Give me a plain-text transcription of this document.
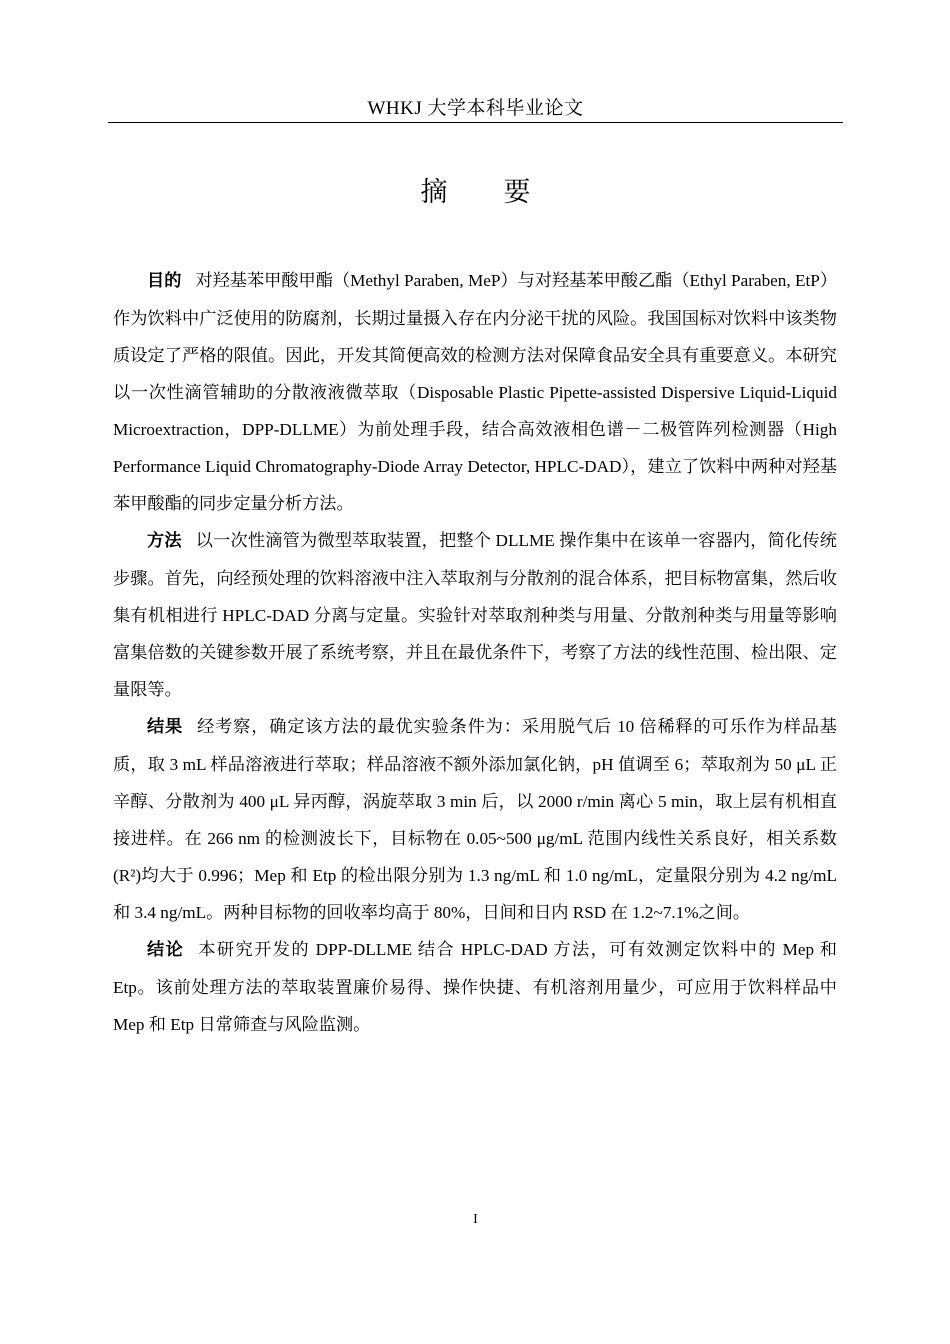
WHKJ 大学本科毕业论文
摘要

目的 对羟基苯甲酸甲酯（Methyl Paraben, MeP）与对羟基苯甲酸乙酯（Ethyl Paraben, EtP）作为饮料中广泛使用的防腐剂，长期过量摄入存在内分泌干扰的风险。我国国标对饮料中该类物质设定了严格的限值。因此，开发其简便高效的检测方法对保障食品安全具有重要意义。本研究以一次性滴管辅助的分散液液微萃取（Disposable Plastic Pipette-assisted Dispersive Liquid-Liquid Microextraction，DPP-DLLME）为前处理手段，结合高效液相色谱－二极管阵列检测器（High Performance Liquid Chromatography-Diode Array Detector, HPLC-DAD），建立了饮料中两种对羟基苯甲酸酯的同步定量分析方法。

方法 以一次性滴管为微型萃取装置，把整个 DLLME 操作集中在该单一容器内，简化传统步骤。首先，向经预处理的饮料溶液中注入萃取剂与分散剂的混合体系，把目标物富集，然后收集有机相进行 HPLC-DAD 分离与定量。实验针对萃取剂种类与用量、分散剂种类与用量等影响富集倍数的关键参数开展了系统考察，并且在最优条件下，考察了方法的线性范围、检出限、定量限等。

结果 经考察，确定该方法的最优实验条件为：采用脱气后 10 倍稀释的可乐作为样品基质，取 3 mL 样品溶液进行萃取；样品溶液不额外添加氯化钠，pH 值调至 6；萃取剂为 50 μL 正辛醇、分散剂为 400 μL 异丙醇，涡旋萃取 3 min 后，以 2000 r/min 离心 5 min，取上层有机相直接进样。在 266 nm 的检测波长下，目标物在 0.05~500 μg/mL 范围内线性关系良好，相关系数(R²)均大于 0.996；Mep 和 Etp 的检出限分别为 1.3 ng/mL 和 1.0 ng/mL，定量限分别为 4.2 ng/mL 和 3.4 ng/mL。两种目标物的回收率均高于 80%，日间和日内 RSD 在 1.2~7.1%之间。

结论 本研究开发的 DPP-DLLME 结合 HPLC-DAD 方法，可有效测定饮料中的 Mep 和 Etp。该前处理方法的萃取装置廉价易得、操作快捷、有机溶剂用量少，可应用于饮料样品中 Mep 和 Etp 日常筛查与风险监测。

I
